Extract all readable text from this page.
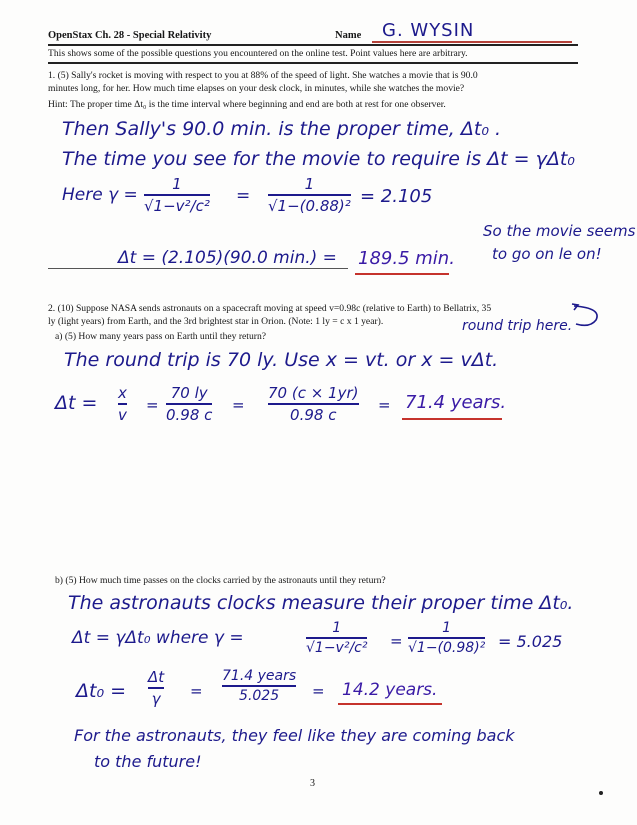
OpenStax Ch. 28 - Special Relativity	Name G. WYSIN
This shows some of the possible questions you encountered on the online test. Point values here are arbitrary.
1. (5) Sally's rocket is moving with respect to you at 88% of the speed of light. She watches a movie that is 90.0
minutes long, for her. How much time elapses on your desk clock, in minutes, while she watches the movie?
Hint: The proper time Δt₀ is the time interval where beginning and end are both at rest for one observer.
Then Sally's 90.0 min. is the proper time, Δt₀ .
The time you see for the movie to require is Δt = γΔt₀
Here γ =
1
√1−v²/c² =
1
√1−(0.88)² = 2.105
So the movie seems
to go on le on!
Δt = (2.105)(90.0 min.) = 189.5 min.
2. (10) Suppose NASA sends astronauts on a spacecraft moving at speed v=0.98c (relative to Earth) to Bellatrix, 35
ly (light years) from Earth, and the 3rd brightest star in Orion. (Note: 1 ly = c x 1 year).	round trip here.
a) (5) How many years pass on Earth until they return?
The round trip is 70 ly. Use x = vt. or x = vΔt.
Δt = x
v
=
70 ly
0.98 c
=
70 (c × 1yr)
0.98 c
= 71.4 years.
b) (5) How much time passes on the clocks carried by the astronauts until they return?
The astronauts clocks measure their proper time Δt₀.
Δt = γΔt₀ where γ =	1
√1−v²/c² =
1
√1−(0.98)² = 5.025
Δt₀ =
Δt
γ =
71.4 years
5.025 = 14.2 years.
For the astronauts, they feel like they are coming back
to the future!
3
